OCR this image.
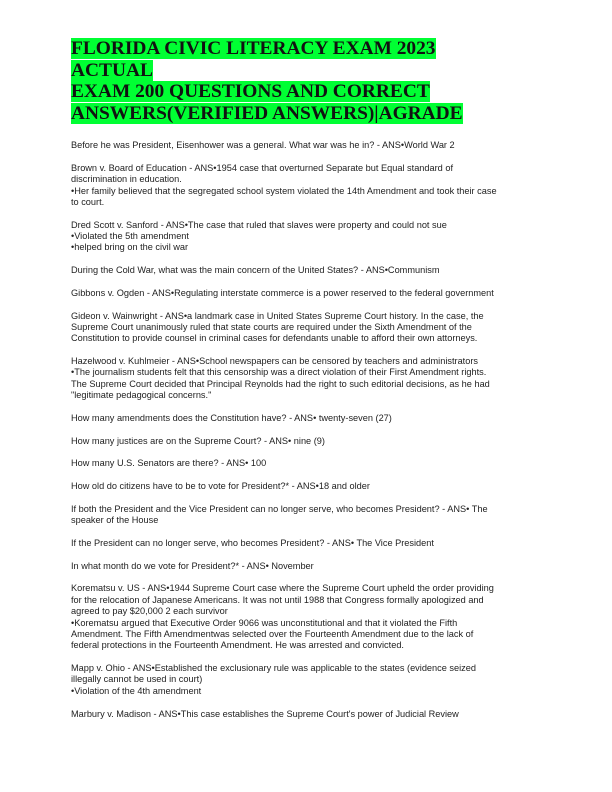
FLORIDA CIVIC LITERACY EXAM 2023 ACTUAL
EXAM 200 QUESTIONS AND CORRECT
ANSWERS(VERIFIED ANSWERS)|AGRADE
Before he was President, Eisenhower was a general. What war was he in? - ANS•World War 2
Brown v. Board of Education - ANS•1954 case that overturned Separate but Equal standard of
discrimination in education.
•Her family believed that the segregated school system violated the 14th Amendment and took their case
to court.
Dred Scott v. Sanford - ANS•The case that ruled that slaves were property and could not sue
•Violated the 5th amendment
•helped bring on the civil war
During the Cold War, what was the main concern of the United States? - ANS•Communism
Gibbons v. Ogden - ANS•Regulating interstate commerce is a power reserved to the federal government
Gideon v. Wainwright - ANS•a landmark case in United States Supreme Court history. In the case, the
Supreme Court unanimously ruled that state courts are required under the Sixth Amendment of the
Constitution to provide counsel in criminal cases for defendants unable to afford their own attorneys.
Hazelwood v. Kuhlmeier - ANS•School newspapers can be censored by teachers and administrators
•The journalism students felt that this censorship was a direct violation of their First Amendment rights.
The Supreme Court decided that Principal Reynolds had the right to such editorial decisions, as he had
"legitimate pedagogical concerns."
How many amendments does the Constitution have? - ANS• twenty-seven (27)
How many justices are on the Supreme Court? - ANS• nine (9)
How many U.S. Senators are there? - ANS• 100
How old do citizens have to be to vote for President?* - ANS•18 and older
If both the President and the Vice President can no longer serve, who becomes President? - ANS• The
speaker of the House
If the President can no longer serve, who becomes President? - ANS• The Vice President
In what month do we vote for President?* - ANS• November
Korematsu v. US - ANS•1944 Supreme Court case where the Supreme Court upheld the order providing
for the relocation of Japanese Americans. It was not until 1988 that Congress formally apologized and
agreed to pay $20,000 2 each survivor
•Korematsu argued that Executive Order 9066 was unconstitutional and that it violated the Fifth
Amendment. The Fifth Amendmentwas selected over the Fourteenth Amendment due to the lack of
federal protections in the Fourteenth Amendment. He was arrested and convicted.
Mapp v. Ohio - ANS•Established the exclusionary rule was applicable to the states (evidence seized
illegally cannot be used in court)
•Violation of the 4th amendment
Marbury v. Madison - ANS•This case establishes the Supreme Court's power of Judicial Review
